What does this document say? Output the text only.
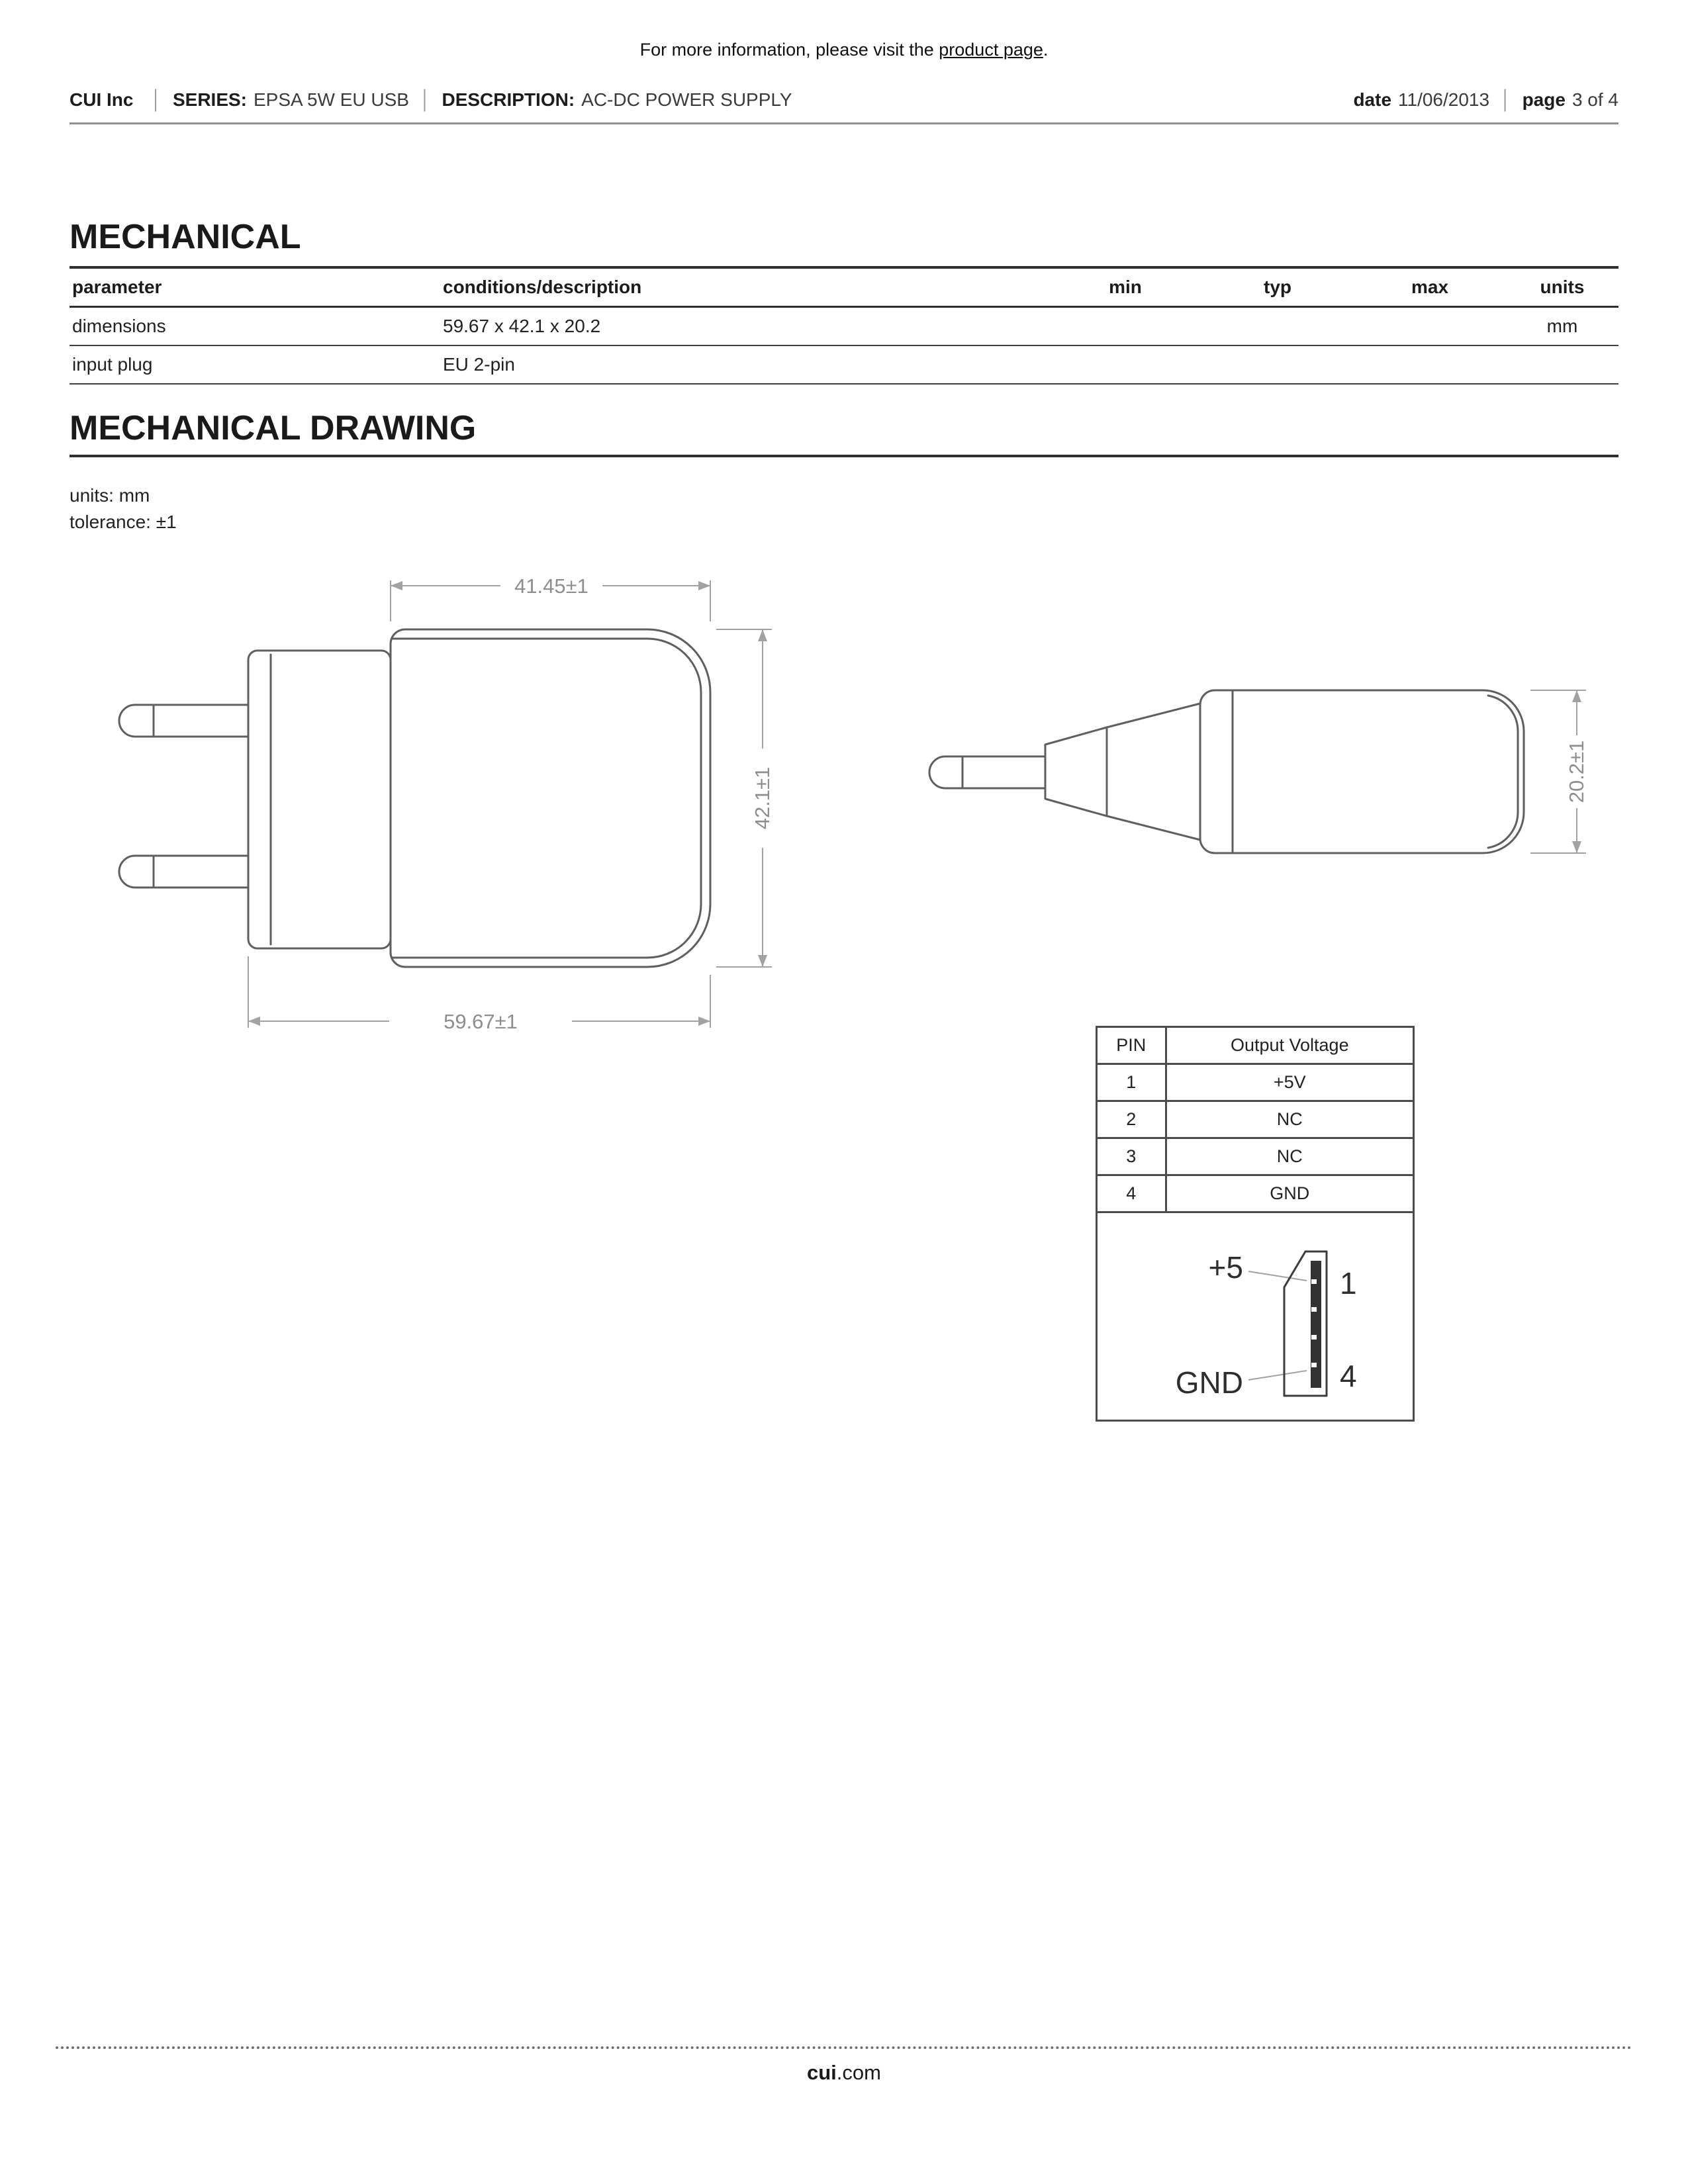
For more information, please visit the product page.
CUI Inc │ SERIES: EPSA 5W EU USB │ DESCRIPTION: AC-DC POWER SUPPLY	date 11/06/2013 │ page 3 of 4
MECHANICAL
parameter	conditions/description	min	typ	max	units
dimensions	59.67 x 42.1 x 20.2				mm
input plug	EU 2-pin				
MECHANICAL DRAWING
units: mm
tolerance: ±1
41.45±1
42.1±1
59.67±1
20.2±1
PIN	Output Voltage
1	+5V
2	NC
3	NC
4	GND

+5
GND
1
4	
cui.com
